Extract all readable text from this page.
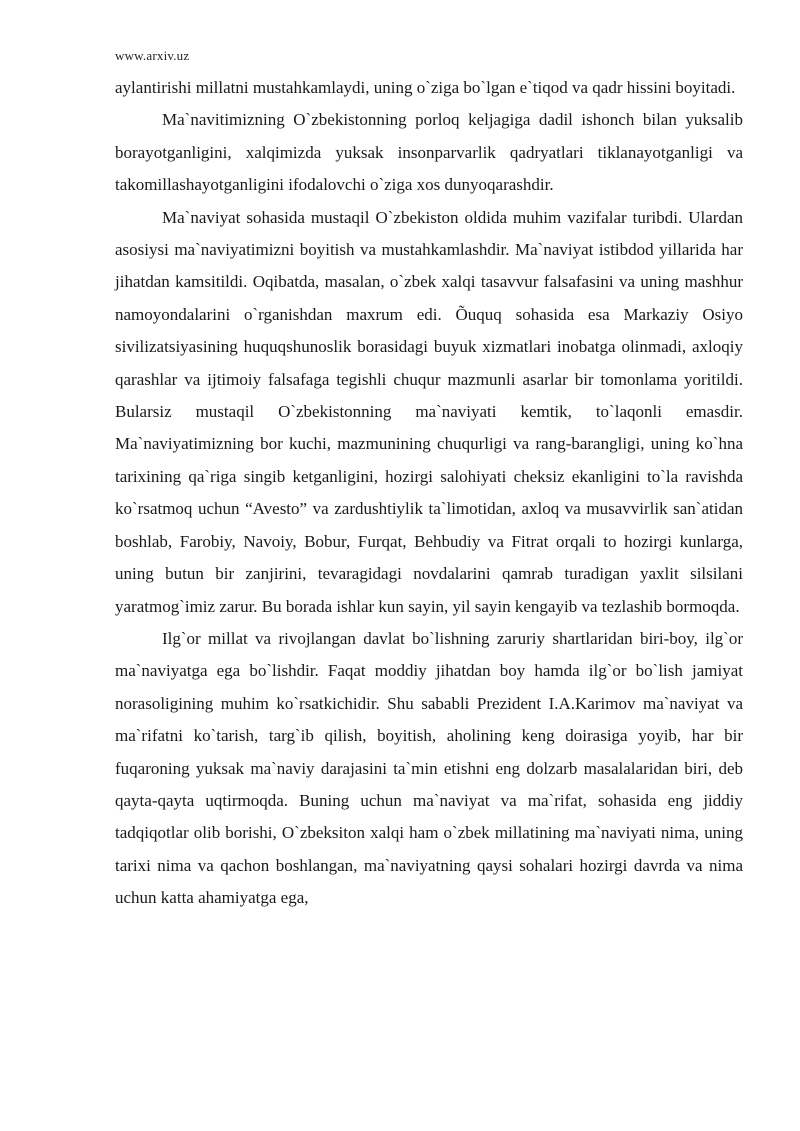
www.arxiv.uz

aylantirishi millatni mustahkamlaydi, uning o`ziga bo`lgan e`tiqod va qadr hissini boyitadi.

Ma`navitimizning O`zbekistonning porloq keljagiga dadil ishonch bilan yuksalib borayotganligini, xalqimizda yuksak insonparvarlik qadryatlari tiklanayotganligi va takomillashayotganligini ifodalovchi o`ziga xos dunyoqarashdir.

Ma`naviyat sohasida mustaqil O`zbekiston oldida muhim vazifalar turibdi. Ulardan asosiysi ma`naviyatimizni boyitish va mustahkamlashdir. Ma`naviyat istibdod yillarida har jihatdan kamsitildi. Oqibatda, masalan, o`zbek xalqi tasavvur falsafasini va uning mashhur namoyondalarini o`rganishdan maxrum edi. Õuquq sohasida esa Markaziy Osiyo sivilizatsiyasining huquqshunoslik borasidagi buyuk xizmatlari inobatga olinmadi, axloqiy qarashlar va ijtimoiy falsafaga tegishli chuqur mazmunli asarlar bir tomonlama yoritildi. Bularsiz mustaqil O`zbekistonning ma`naviyati kemtik, to`laqonli emasdir. Ma`naviyatimizning bor kuchi, mazmunining chuqurligi va rang-barangligi, uning ko`hna tarixining qa`riga singib ketganligini, hozirgi salohiyati cheksiz ekanligini to`la ravishda ko`rsatmoq uchun “Avesto” va zardushtiylik ta`limotidan, axloq va musavvirlik san`atidan boshlab, Farobiy, Navoiy, Bobur, Furqat, Behbudiy va Fitrat orqali to hozirgi kunlarga, uning butun bir zanjirini, tevaragidagi novdalarini qamrab turadigan yaxlit silsilani yaratmog`imiz zarur. Bu borada ishlar kun sayin, yil sayin kengayib va tezlashib bormoqda.

Ilg`or millat va rivojlangan davlat bo`lishning zaruriy shartlaridan biri-boy, ilg`or ma`naviyatga ega bo`lishdir. Faqat moddiy jihatdan boy hamda ilg`or bo`lish jamiyat norasoligining muhim ko`rsatkichidir. Shu sababli Prezident I.A.Karimov ma`naviyat va ma`rifatni ko`tarish, targ`ib qilish, boyitish, aholining keng doirasiga yoyib, har bir fuqaroning yuksak ma`naviy darajasini ta`min etishni eng dolzarb masalalaridan biri, deb qayta-qayta uqtirmoqda. Buning uchun ma`naviyat va ma`rifat, sohasida eng jiddiy tadqiqotlar olib borishi, O`zbeksiton xalqi ham o`zbek millatining ma`naviyati nima, uning tarixi nima va qachon boshlangan, ma`naviyatning qaysi sohalari hozirgi davrda va nima uchun katta ahamiyatga ega,
